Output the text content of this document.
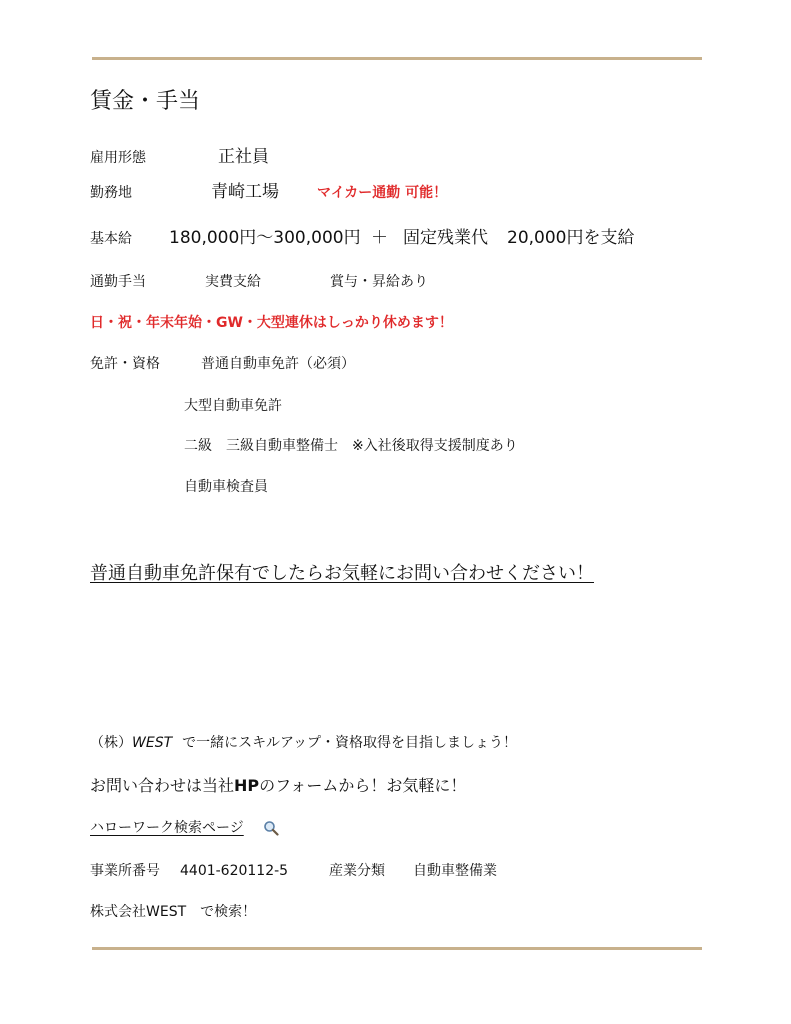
賃金・手当
雇用形態	正社員
勤務地	青崎工場	マイカー通勤 可能！
基本給 180,000円～300,000円 ＋ 固定残業代 20,000円を支給
通勤手当	実費支給	賞与・昇給あり
日・祝・年末年始・GW・大型連休はしっかり休めます！
免許・資格	普通自動車免許（必須）
大型自動車免許
二級　三級自動車整備士　※入社後取得支援制度あり
自動車検査員
普通自動車免許保有でしたらお気軽にお問い合わせください！
（株）WEST で一緒にスキルアップ・資格取得を目指しましょう！
お問い合わせは当社HPのフォームから！お気軽に！
ハローワーク検索ページ
事業所番号 4401-620112-5	産業分類 自動車整備業
株式会社WEST　で検索！
